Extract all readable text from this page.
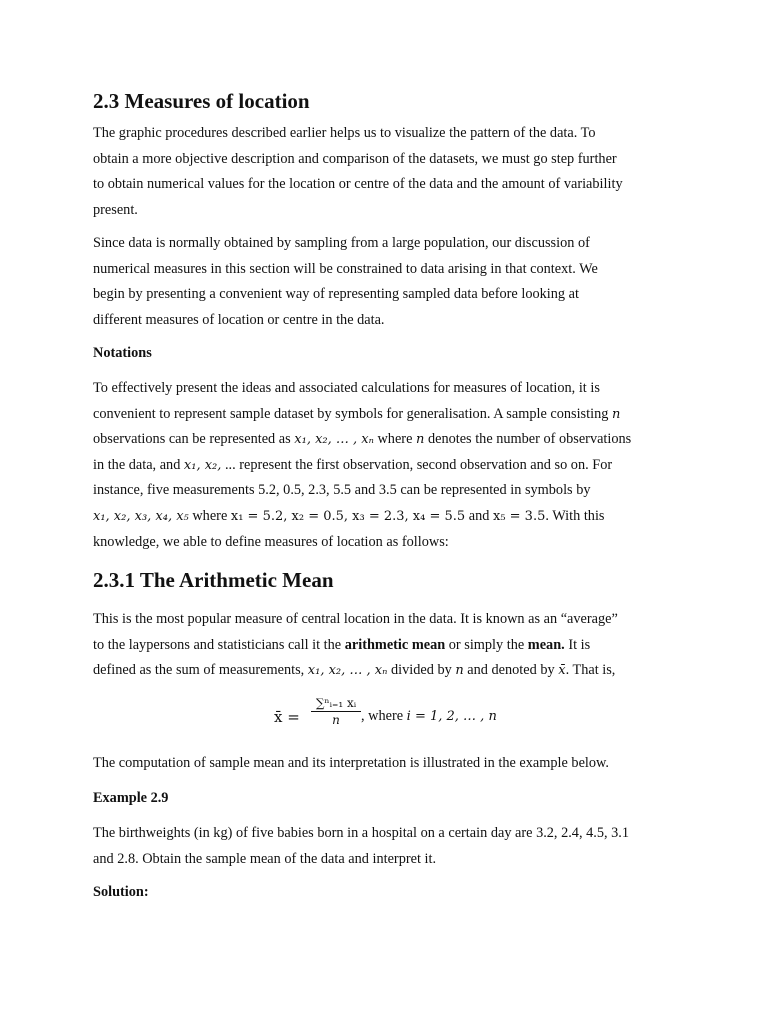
2.3 Measures of location

The graphic procedures described earlier helps us to visualize the pattern of the data. To

obtain a more objective description and comparison of the datasets, we must go step further

to obtain numerical values for the location or centre of the data and the amount of variability

present.

Since data is normally obtained by sampling from a large population, our discussion of

numerical measures in this section will be constrained to data arising in that context. We

begin by presenting a convenient way of representing sampled data before looking at

different measures of location or centre in the data.

Notations

To effectively present the ideas and associated calculations for measures of location, it is

convenient to represent sample dataset by symbols for generalisation. A sample consisting n

observations can be represented as x₁, x₂, … , xₙ where n denotes the number of observations

in the data, and x₁, x₂, ... represent the first observation, second observation and so on. For

instance, five measurements 5.2, 0.5, 2.3, 5.5 and 3.5 can be represented in symbols by

x₁, x₂, x₃, x₄, x₅ where x₁ = 5.2, x₂ = 0.5, x₃ = 2.3, x₄ = 5.5 and x₅ = 3.5. With this

knowledge, we able to define measures of location as follows:

2.3.1 The Arithmetic Mean

This is the most popular measure of central location in the data. It is known as an “average”

to the laypersons and statisticians call it the arithmetic mean or simply the mean. It is

defined as the sum of measurements, x₁, x₂, … , xₙ divided by n and denoted by x̄. That is,

x̄ = $\frac{\text{∑ⁿᵢ₌₁ xᵢ}}{n}$ , where i = 1, 2, … , n

The computation of sample mean and its interpretation is illustrated in the example below.

Example 2.9

The birthweights (in kg) of five babies born in a hospital on a certain day are 3.2, 2.4, 4.5, 3.1

and 2.8. Obtain the sample mean of the data and interpret it.

Solution:
